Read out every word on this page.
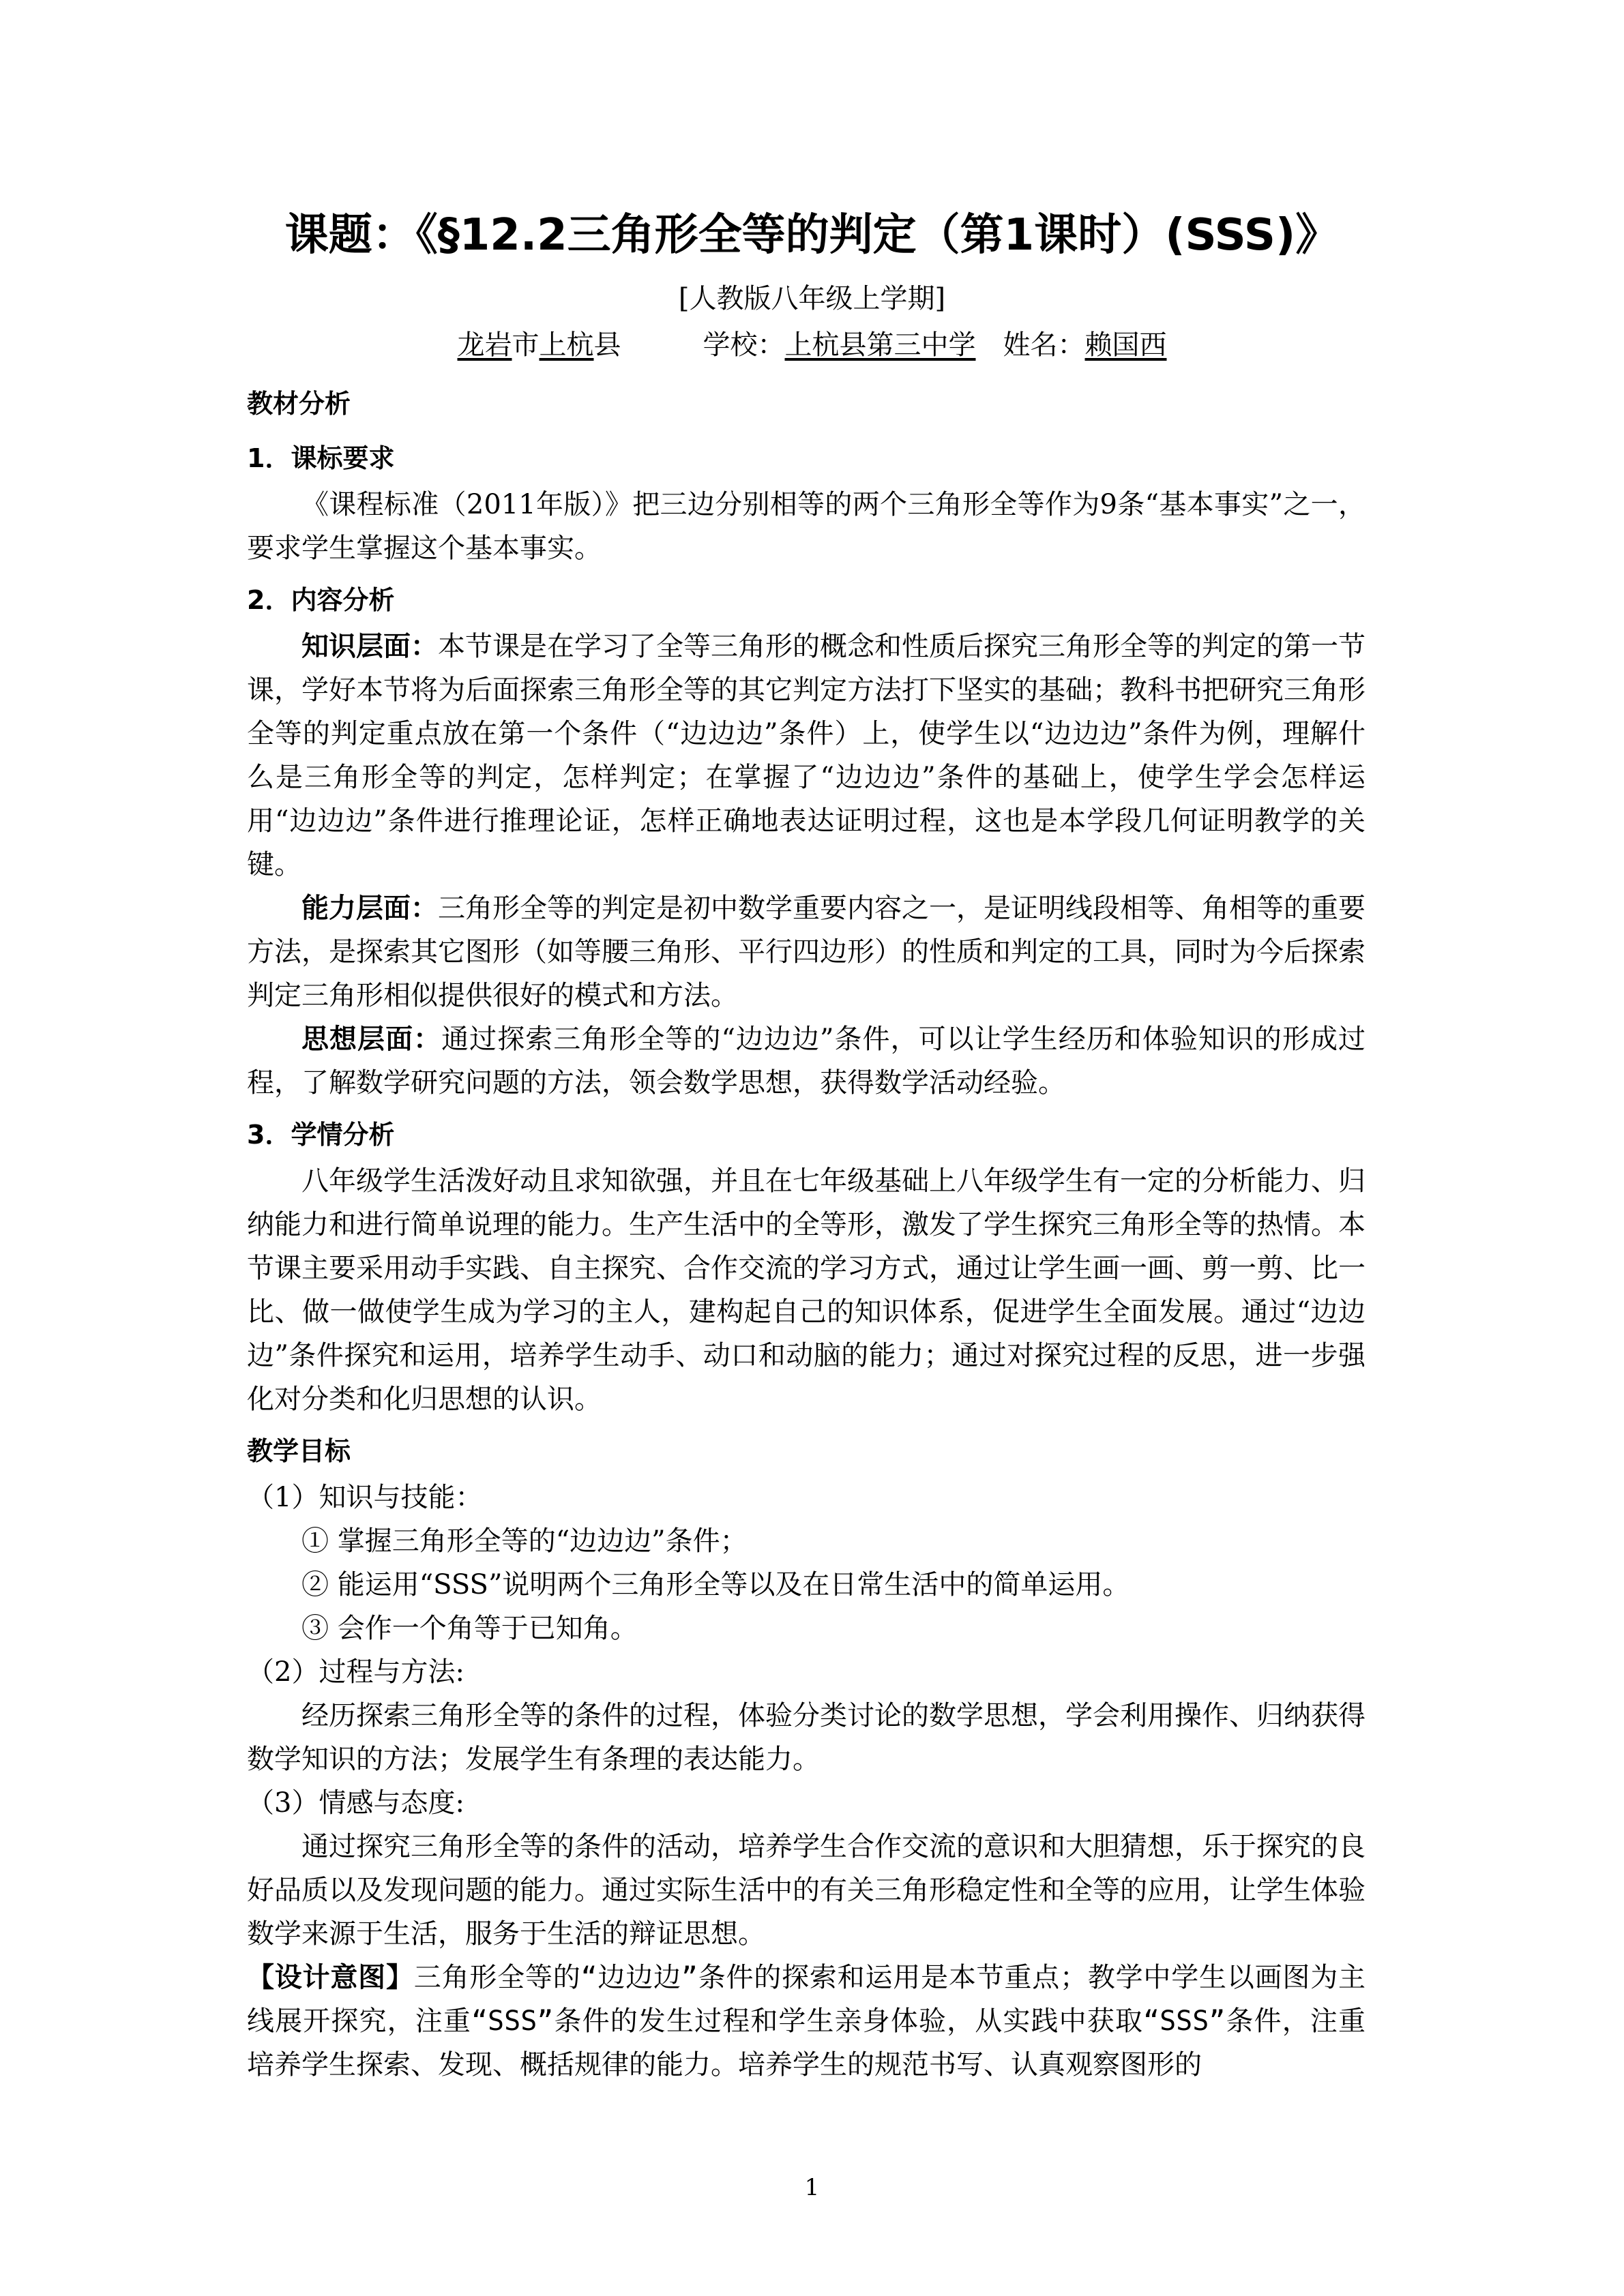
课题：《§12.2三角形全等的判定（第1课时）(SSS)》
[人教版八年级上学期]
龙岩市上杭县	学校：上杭县第三中学 姓名：赖国西
教材分析
1．课标要求

《课程标准（2011年版）》把三边分别相等的两个三角形全等作为9条“基本事实”之一，要求学生掌握这个基本事实。

2．内容分析

知识层面：本节课是在学习了全等三角形的概念和性质后探究三角形全等的判定的第一节课，学好本节将为后面探索三角形全等的其它判定方法打下坚实的基础；教科书把研究三角形全等的判定重点放在第一个条件（“边边边”条件）上，使学生以“边边边”条件为例，理解什么是三角形全等的判定，怎样判定；在掌握了“边边边”条件的基础上，使学生学会怎样运用“边边边”条件进行推理论证，怎样正确地表达证明过程，这也是本学段几何证明教学的关键。

能力层面：三角形全等的判定是初中数学重要内容之一，是证明线段相等、角相等的重要方法，是探索其它图形（如等腰三角形、平行四边形）的性质和判定的工具，同时为今后探索判定三角形相似提供很好的模式和方法。

思想层面：通过探索三角形全等的“边边边”条件，可以让学生经历和体验知识的形成过程，了解数学研究问题的方法，领会数学思想，获得数学活动经验。

3．学情分析

八年级学生活泼好动且求知欲强，并且在七年级基础上八年级学生有一定的分析能力、归纳能力和进行简单说理的能力。生产生活中的全等形，激发了学生探究三角形全等的热情。本节课主要采用动手实践、自主探究、合作交流的学习方式，通过让学生画一画、剪一剪、比一比、做一做使学生成为学习的主人，建构起自己的知识体系，促进学生全面发展。通过“边边边”条件探究和运用，培养学生动手、动口和动脑的能力；通过对探究过程的反思，进一步强化对分类和化归思想的认识。

教学目标

（1）知识与技能：

① 掌握三角形全等的“边边边”条件；

② 能运用“SSS”说明两个三角形全等以及在日常生活中的简单运用。

③ 会作一个角等于已知角。

（2）过程与方法:

经历探索三角形全等的条件的过程，体验分类讨论的数学思想，学会利用操作、归纳获得数学知识的方法；发展学生有条理的表达能力。

（3）情感与态度:

通过探究三角形全等的条件的活动，培养学生合作交流的意识和大胆猜想，乐于探究的良好品质以及发现问题的能力。通过实际生活中的有关三角形稳定性和全等的应用，让学生体验数学来源于生活，服务于生活的辩证思想。

【设计意图】三角形全等的“边边边”条件的探索和运用是本节重点；教学中学生以画图为主线展开探究，注重“SSS”条件的发生过程和学生亲身体验，从实践中获取“SSS”条件，注重培养学生探索、发现、概括规律的能力。培养学生的规范书写、认真观察图形的

1
